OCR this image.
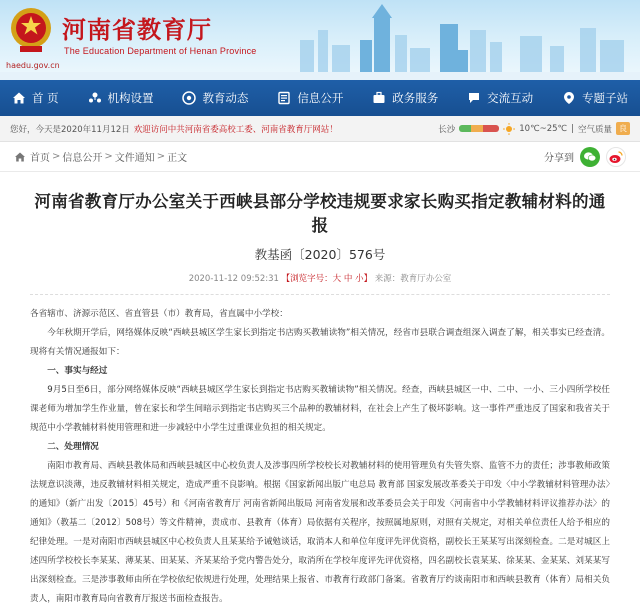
河南省教育厅
The Education Department of Henan Province
haedu.gov.cn
首 页	机构设置	教育动态	信息公开	政务服务	交流互动	专题子站
您好，今天是2020年11月12日 欢迎访问中共河南省委高校工委、河南省教育厅网站！	长沙	10℃~25℃ | 空气质量 良
首页 > 信息公开 > 文件通知 > 正文	分享到
河南省教育厅办公室关于西峡县部分学校违规要求家长购买指定教辅材料的通报
教基函〔2020〕576号
2020-11-12 09:52:31 【浏览字号：大 中 小】 来源：教育厅办公室

各省辖市、济源示范区、省直管县（市）教育局，省直属中小学校：

今年秋期开学后，网络媒体反映“西峡县城区学生家长到指定书店购买教辅读物”相关情况，经省市县联合调查组深入调查了解，相关事实已经查清。现将有关情况通报如下：

一、事实与经过

9月5日至6日，部分网络媒体反映“西峡县城区学生家长到指定书店购买教辅读物”相关情况。经查，西峡县城区一中、二中、一小、三小四所学校任课老师为增加学生作业量，曾在家长和学生间暗示到指定书店购买三个品种的教辅材料，在社会上产生了极坏影响。这一事件严重违反了国家和我省关于规范中小学教辅材料使用管理和进一步减轻中小学生过重课业负担的相关规定。

二、处理情况

南阳市教育局、西峡县教体局和西峡县城区中心校负责人及涉事四所学校校长对教辅材料的使用管理负有失管失察、监管不力的责任；涉事教师政策法规意识淡薄，违反教辅材料相关规定，造成严重不良影响。根据《国家新闻出版广电总局 教育部 国家发展改革委关于印发〈中小学教辅材料管理办法〉的通知》（新广出发〔2015〕45号）和《河南省教育厅 河南省新闻出版局 河南省发展和改革委员会关于印发〈河南省中小学教辅材料评议推荐办法〉的通知》（教基二〔2012〕508号）等文件精神，责成市、县教育（体育）局依据有关程序，按照属地原则，对照有关规定，对相关单位责任人给予相应的纪律处理。一是对南阳市西峡县城区中心校负责人且某某给予诫勉谈话，取消本人和单位年度评先评优资格，副校长王某某写出深刻检查。二是对城区上述四所学校校长李某某、薄某某、田某某、齐某某给予党内警告处分，取消所在学校年度评先评优资格，四名副校长袁某某、徐某某、金某某、刘某某写出深刻检查。三是涉事教师由所在学校依纪依规进行处理，处理结果上报省、市教育行政部门备案。省教育厅约谈南阳市和西峡县教育（体育）局相关负责人，南阳市教育局向省教育厅报送书面检查报告。
